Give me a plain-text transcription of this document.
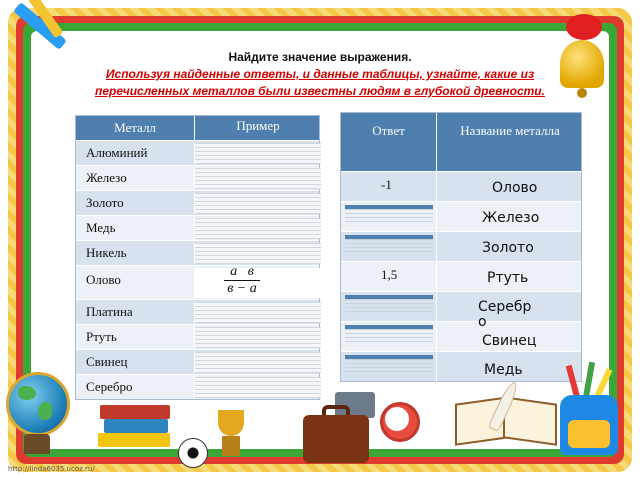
Найдите значение выражения.
Используя найденные ответы, и данные таблицы, узнайте, какие из перечисленных металлов были известны людям в глубокой древности.
Металл	Пример
Алюминий
Железо
Золото
Медь
Никель
Олово
Платина
Ртуть
Свинец
Серебро
a в
в − a
Ответ	Название металла
-1
1,5
Олово
Железо
Золото
Ртуть
Серебро
Свинец
Медь
http://linda6035.ucoz.ru/
